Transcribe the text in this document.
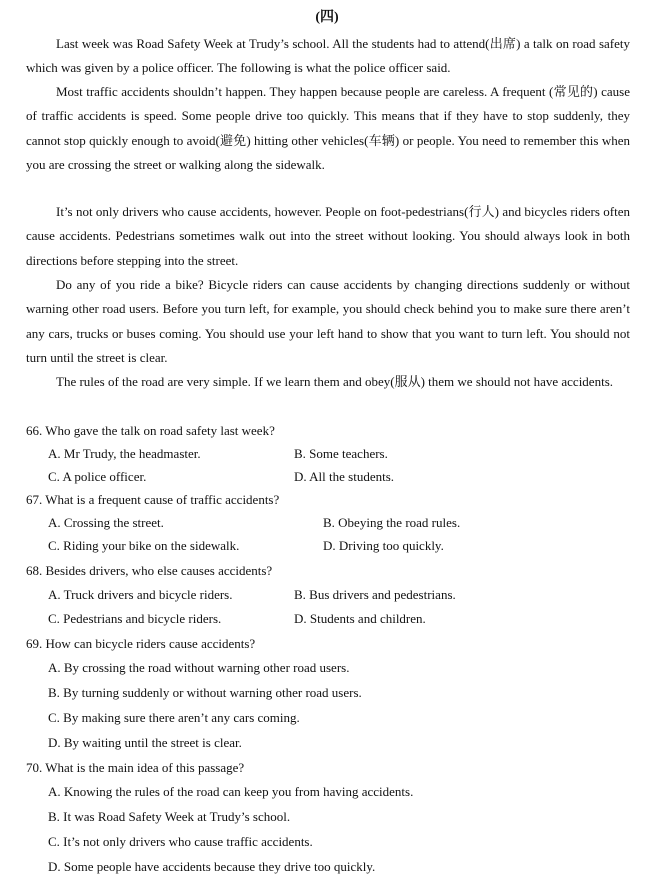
(四)

Last week was Road Safety Week at Trudy’s school. All the students had to attend(出席) a talk on road safety which was given by a police officer. The following is what the police officer said.

Most traffic accidents shouldn’t happen. They happen because people are careless. A frequent (常见的) cause of traffic accidents is speed. Some people drive too quickly. This means that if they have to stop suddenly, they cannot stop quickly enough to avoid(避免) hitting other vehicles(车辆) or people. You need to remember this when you are crossing the street or walking along the sidewalk.

It’s not only drivers who cause accidents, however. People on foot-pedestrians(行人) and bicycles riders often cause accidents. Pedestrians sometimes walk out into the street without looking. You should always look in both directions before stepping into the street.

Do any of you ride a bike? Bicycle riders can cause accidents by changing directions suddenly or without warning other road users. Before you turn left, for example, you should check behind you to make sure there aren’t any cars, trucks or buses coming. You should use your left hand to show that you want to turn left. You should not turn until the street is clear.

The rules of the road are very simple. If we learn them and obey(服从) them we should not have accidents.

66. Who gave the talk on road safety last week?

A. Mr Trudy, the headmaster.	B. Some teachers.

C. A police officer.	D. All the students.

67. What is a frequent cause of traffic accidents?

A. Crossing the street.	B. Obeying the road rules.

C. Riding your bike on the sidewalk.	D. Driving too quickly.

68. Besides drivers, who else causes accidents?

A. Truck drivers and bicycle riders.	B. Bus drivers and pedestrians.

C. Pedestrians and bicycle riders.	D. Students and children.

69. How can bicycle riders cause accidents?

A. By crossing the road without warning other road users.

B. By turning suddenly or without warning other road users.

C. By making sure there aren’t any cars coming.

D. By waiting until the street is clear.

70. What is the main idea of this passage?

A. Knowing the rules of the road can keep you from having accidents.

B. It was Road Safety Week at Trudy’s school.

C. It’s not only drivers who cause traffic accidents.

D. Some people have accidents because they drive too quickly.
